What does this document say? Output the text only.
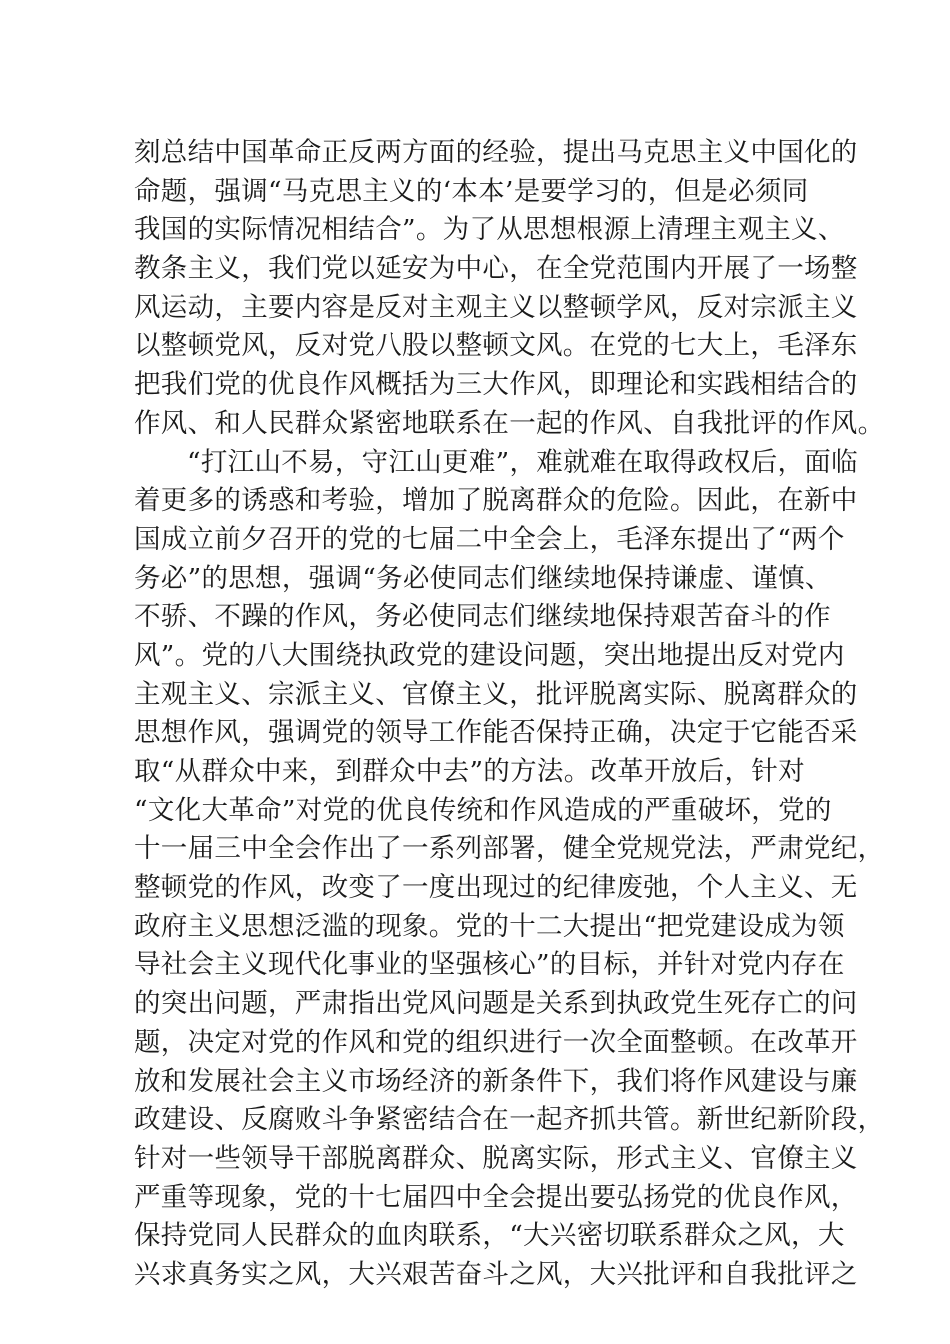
刻总结中国革命正反两方面的经验，提出马克思主义中国化的
命题，强调“马克思主义的‘本本’是要学习的，但是必须同
我国的实际情况相结合”。为了从思想根源上清理主观主义、
教条主义，我们党以延安为中心，在全党范围内开展了一场整
风运动，主要内容是反对主观主义以整顿学风，反对宗派主义
以整顿党风，反对党八股以整顿文风。在党的七大上，毛泽东
把我们党的优良作风概括为三大作风，即理论和实践相结合的
作风、和人民群众紧密地联系在一起的作风、自我批评的作风。
“打江山不易，守江山更难”，难就难在取得政权后，面临
着更多的诱惑和考验，增加了脱离群众的危险。因此，在新中
国成立前夕召开的党的七届二中全会上，毛泽东提出了“两个
务必”的思想，强调“务必使同志们继续地保持谦虚、谨慎、
不骄、不躁的作风，务必使同志们继续地保持艰苦奋斗的作
风”。党的八大围绕执政党的建设问题，突出地提出反对党内
主观主义、宗派主义、官僚主义，批评脱离实际、脱离群众的
思想作风，强调党的领导工作能否保持正确，决定于它能否采
取“从群众中来，到群众中去”的方法。改革开放后，针对
“文化大革命”对党的优良传统和作风造成的严重破坏，党的
十一届三中全会作出了一系列部署，健全党规党法，严肃党纪，
整顿党的作风，改变了一度出现过的纪律废弛，个人主义、无
政府主义思想泛滥的现象。党的十二大提出“把党建设成为领
导社会主义现代化事业的坚强核心”的目标，并针对党内存在
的突出问题，严肃指出党风问题是关系到执政党生死存亡的问
题，决定对党的作风和党的组织进行一次全面整顿。在改革开
放和发展社会主义市场经济的新条件下，我们将作风建设与廉
政建设、反腐败斗争紧密结合在一起齐抓共管。新世纪新阶段，
针对一些领导干部脱离群众、脱离实际，形式主义、官僚主义
严重等现象，党的十七届四中全会提出要弘扬党的优良作风，
保持党同人民群众的血肉联系，“大兴密切联系群众之风，大
兴求真务实之风，大兴艰苦奋斗之风，大兴批评和自我批评之
